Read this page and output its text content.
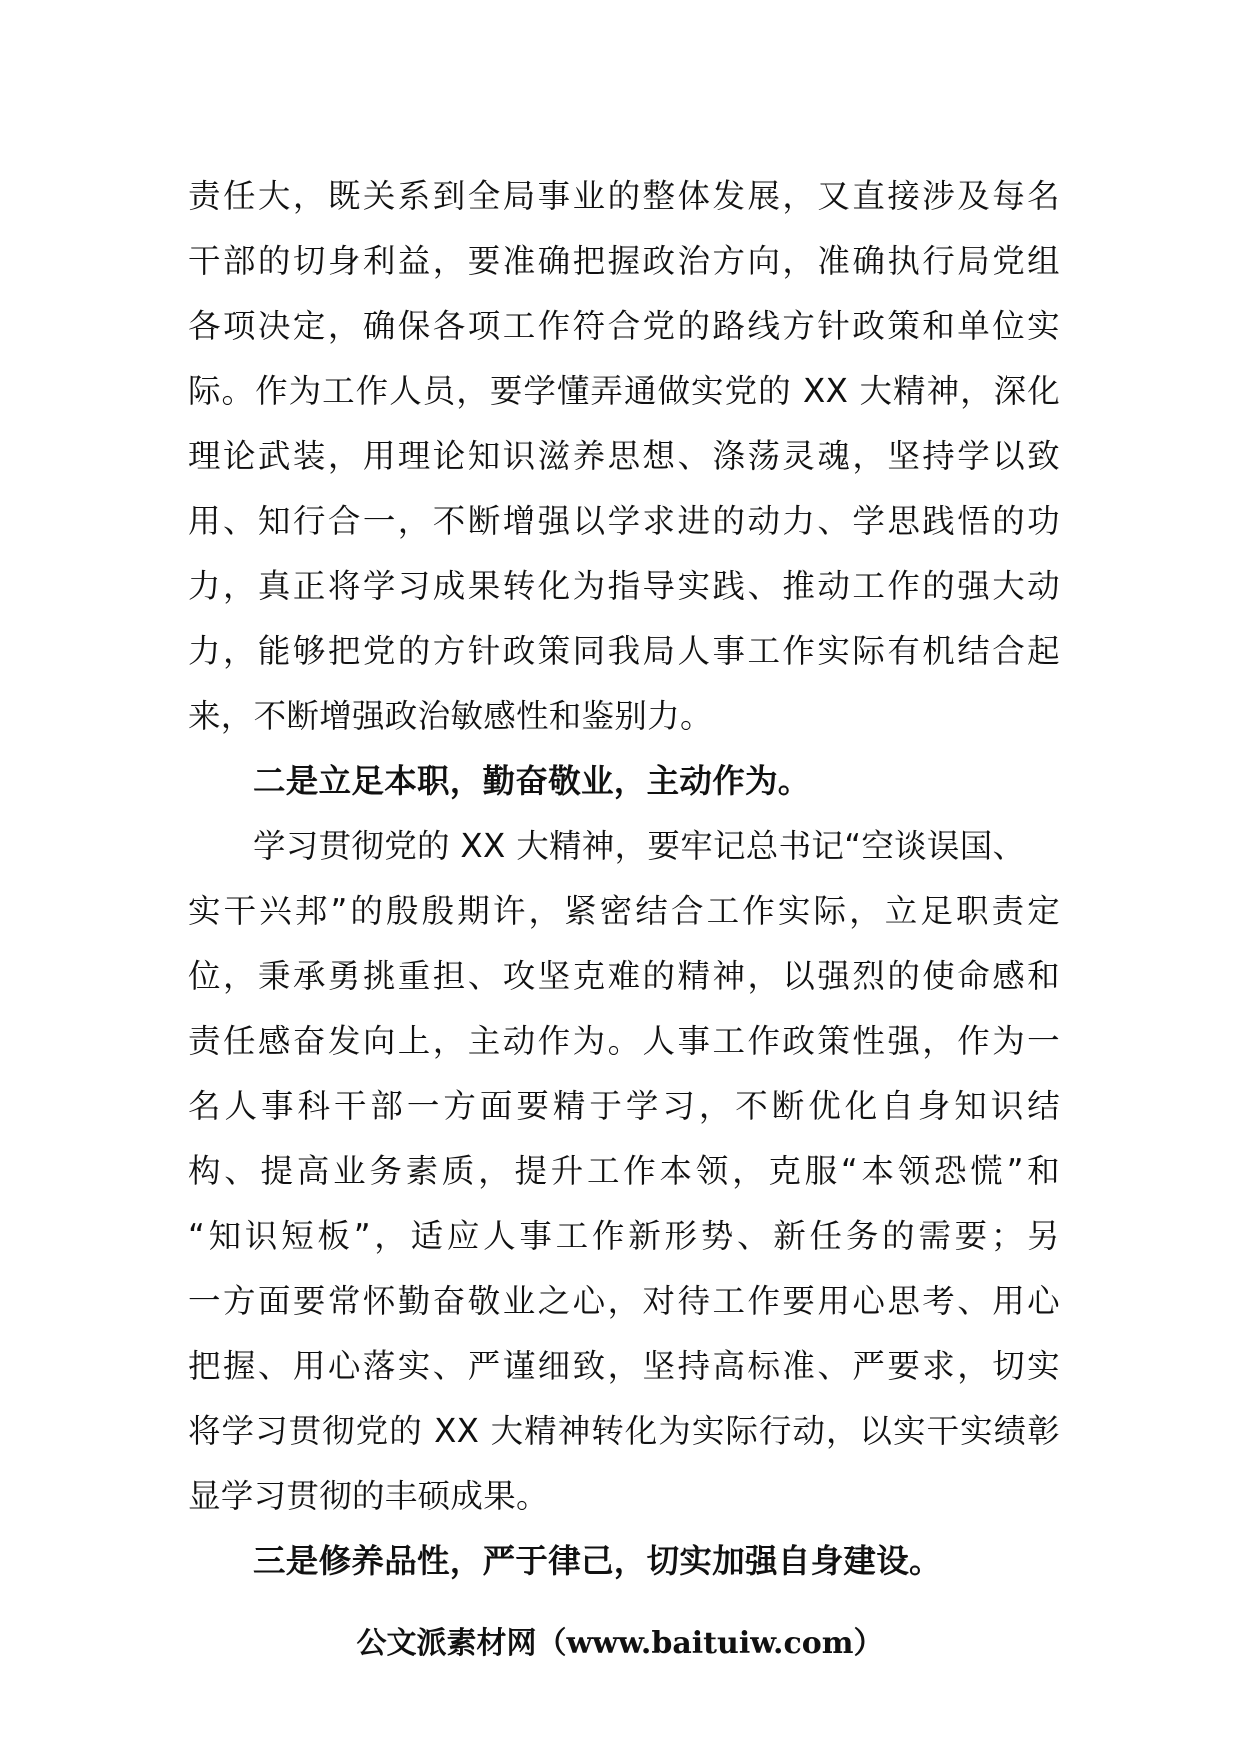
责任大，既关系到全局事业的整体发展，又直接涉及每名
干部的切身利益，要准确把握政治方向，准确执行局党组
各项决定，确保各项工作符合党的路线方针政策和单位实
际。作为工作人员，要学懂弄通做实党的 XX 大精神，深化
理论武装，用理论知识滋养思想、涤荡灵魂，坚持学以致
用、知行合一，不断增强以学求进的动力、学思践悟的功
力，真正将学习成果转化为指导实践、推动工作的强大动
力，能够把党的方针政策同我局人事工作实际有机结合起
来，不断增强政治敏感性和鉴别力。
二是立足本职，勤奋敬业，主动作为。
学习贯彻党的 XX 大精神，要牢记总书记“空谈误国、
实干兴邦”的殷殷期许，紧密结合工作实际，立足职责定
位，秉承勇挑重担、攻坚克难的精神，以强烈的使命感和
责任感奋发向上，主动作为。人事工作政策性强，作为一
名人事科干部一方面要精于学习，不断优化自身知识结
构、提高业务素质，提升工作本领，克服“本领恐慌”和
“知识短板”，适应人事工作新形势、新任务的需要；另
一方面要常怀勤奋敬业之心，对待工作要用心思考、用心
把握、用心落实、严谨细致，坚持高标准、严要求，切实
将学习贯彻党的 XX 大精神转化为实际行动，以实干实绩彰
显学习贯彻的丰硕成果。
三是修养品性，严于律己，切实加强自身建设。
公文派素材网（www.baituiw.com）
